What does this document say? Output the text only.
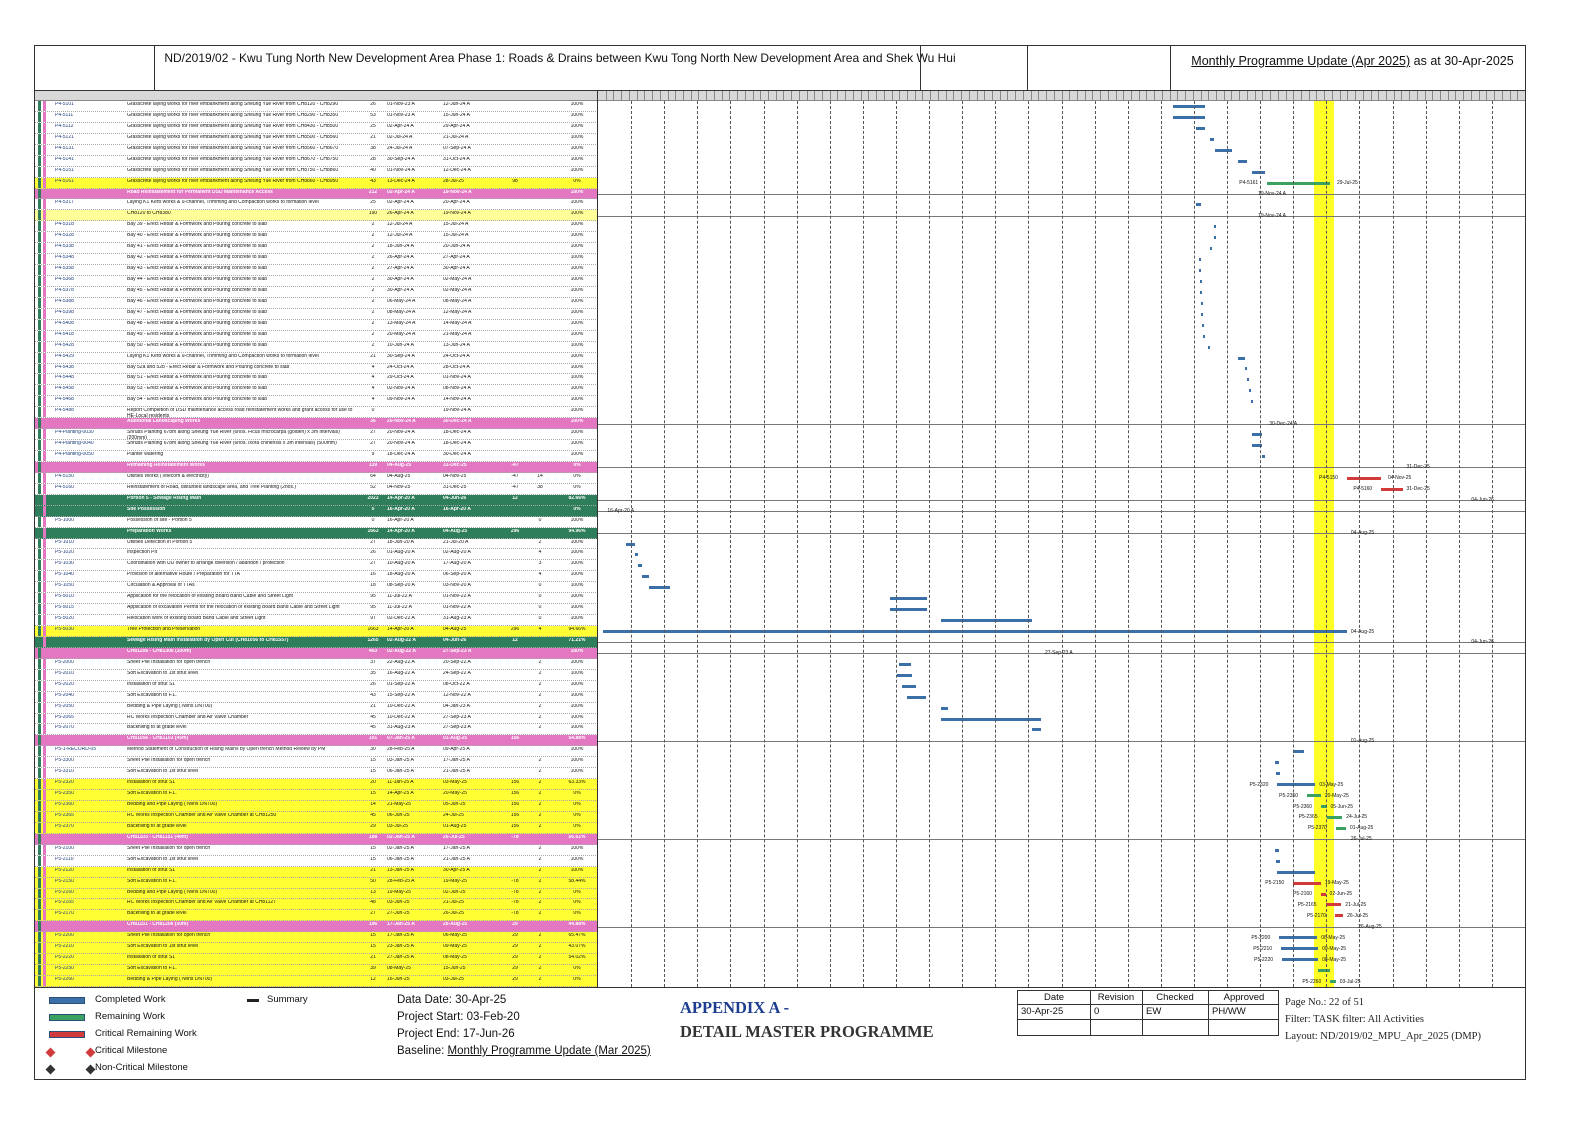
ND/2019/02 - Kwu Tung North New Development Area Phase 1: Roads & Drains between Kwu Tong North New Development Area and Shek Wu Hui	Monthly Programme Update (Apr 2025) as at 30-Apr-2025
P4-5101	Grasscrete laying works for river embankment along Sheung Yue River from CH8120 - CH8290	26	01-Nov-23 A	12-Jun-24 A	100%
P4-5111	Grasscrete laying works for river embankment along Sheung Yue River from CH8290 - CH8350	53	01-Nov-23 A	15-Jun-24 A	100%
P4-5112	Grasscrete laying works for river embankment along Sheung Yue River from CH8430 - CH8500	25	02-Apr-24 A	29-Apr-24 A	100%
P4-5121	Grasscrete laying works for river embankment along Sheung Yue River from CH8500 - CH8560	21	02-Jul-24 A	21-Jul-24 A	100%
P4-5131	Grasscrete laying works for river embankment along Sheung Yue River from CH8560 - CH8670	38	24-Jul-24 A	07-Sep-24 A	100%
P4-5141	Grasscrete laying works for river embankment along Sheung Yue River from CH8670 - CH8750	28	30-Sep-24 A	31-Oct-24 A	100%
P4-5151	Grasscrete laying works for river embankment along Sheung Yue River from CH8750 - CH8860	40	01-Nov-24 A	12-Dec-24 A	100%
P4-5161	Grasscrete laying works for river embankment along Sheung Yue River from CH8860 - CH8950	43	13-Dec-24 A	28-Jul-25	98	0%
Road Reinstatement for Permanent DSD Maintenance Access	212	02-Apr-24 A	19-Nov-24 A	100%
P4-5317	Laying K1 Kerb works & u-channel, Trimming and Compaction works to formation level	25	02-Apr-24 A	20-Apr-24 A	100%
CH8120 to CH8380	190	26-Apr-24 A	19-Nov-24 A	100%
P4-5318	Bay 39 - Erect Rebar & Formwork and Pouring concrete to slab	2	12-Jul-24 A	15-Jul-24 A	100%
P4-5328	Bay 40 - Erect Rebar & Formwork and Pouring concrete to slab	2	12-Jul-24 A	15-Jul-24 A	100%
P4-5338	Bay 41 - Erect Rebar & Formwork and Pouring concrete to slab	2	18-Jun-24 A	20-Jun-24 A	100%
P4-5348	Bay 42 - Erect Rebar & Formwork and Pouring concrete to slab	2	26-Apr-24 A	27-Apr-24 A	100%
P4-5358	Bay 43 - Erect Rebar & Formwork and Pouring concrete to slab	2	27-Apr-24 A	30-Apr-24 A	100%
P4-5368	Bay 44 - Erect Rebar & Formwork and Pouring concrete to slab	2	30-Apr-24 A	02-May-24 A	100%
P4-5378	Bay 45 - Erect Rebar & Formwork and Pouring concrete to slab	2	30-Apr-24 A	02-May-24 A	100%
P4-5388	Bay 46 - Erect Rebar & Formwork and Pouring concrete to slab	2	06-May-24 A	08-May-24 A	100%
P4-5398	Bay 47 - Erect Rebar & Formwork and Pouring concrete to slab	2	08-May-24 A	12-May-24 A	100%
P4-5408	Bay 48 - Erect Rebar & Formwork and Pouring concrete to slab	2	13-May-24 A	14-May-24 A	100%
P4-5418	Bay 49 - Erect Rebar & Formwork and Pouring concrete to slab	2	20-May-24 A	21-May-24 A	100%
P4-5428	Bay 50 - Erect Rebar & Formwork and Pouring concrete to slab	2	10-Jun-24 A	13-Jun-24 A	100%
P4-5429	Laying K1 Kerb works & u-channel, Trimming and Compaction works to formation level	21	30-Sep-24 A	24-Oct-24 A	100%
P4-5438	Bay 52a and 52b - Erect Rebar & Formwork and Pouring concrete to slab	4	24-Oct-24 A	28-Oct-24 A	100%
P4-5448	Bay 51 - Erect Rebar & Formwork and Pouring concrete to slab	4	29-Oct-24 A	01-Nov-24 A	100%
P4-5458	Bay 53 - Erect Rebar & Formwork and Pouring concrete to slab	4	02-Nov-24 A	08-Nov-24 A	100%
P4-5468	Bay 54 - Erect Rebar & Formwork and Pouring concrete to slab	4	09-Nov-24 A	14-Nov-24 A	100%
P4-5488	Report Completion of DSD maintenance access road reinstatement works and grant access for use to HE-Local residents
0	19-Nov-24 A	100%
Additional Landscaping Works	36	20-Nov-24 A	30-Dec-24 A	100%
P4-Planting-0030	Shrubs Planting 678m along Sheung Yue River (6nos. Ficus microcarpa (golden) x 3m intervals) (200mm)
27	20-Nov-24 A	18-Dec-24 A	100%
P4-Planting-0040	Shrubs Planting 678m along Sheung Yue River (6nos. Ixora chinensis x 3m intervals) (500mm)	27	20-Nov-24 A	18-Dec-24 A	100%
P4-Planting-0050	Planter watering	9	18-Dec-24 A	30-Dec-24 A	100%
Remaining Reinstatement Works	139	04-Aug-25	31-Dec-25	-47	0%
P4-5150	Utilities Works (Telecom & electricity)	64	04-Aug-25	04-Nov-25	-47	14	0%
P4-5160	Reinstatement of Road, disturbed landscape area, and Tree Planting (2nos.)	52	04-Nov-25	31-Dec-25	-47	38	0%
Portion 5 - Sewage Rising Main	2023	14-Apr-20 A	04-Jun-26	12	82.66%
Site Possession	0	16-Apr-20 A	16-Apr-20 A	0%
P5-1000	Possession of site - Portion 5	0	16-Apr-20 A	0	100%
Preparation Works	1663	14-Apr-20 A	04-Aug-25	296	94.96%
P5-1010	Utilities Detection in Portion 5	27	18-Jun-20 A	21-Jul-20 A	2	100%
P5-1020	Inspection Pit	26	01-Aug-20 A	02-Aug-20 A	4	100%
P5-1030	Coordination with UU owner to arrange diversion / abandon / protection	27	10-Aug-20 A	17-Aug-20 A	3	100%
P5-1040	Provision of alternative Route / Preparation for TTA	16	18-Aug-20 A	06-Sep-20 A	4	100%
P5-1050	Circulation & Approval of TTAs	18	08-Sep-20 A	03-Nov-20 A	0	100%
P5-5010	Application for the relocation of existing Board Band Cable and Street Light	95	11-Jul-22 A	01-Nov-22 A	0	100%
P5-5015	Application of excavation Permit for the relocation of existing Board Band Cable and Street Light	95	11-Jul-22 A	01-Nov-22 A	0	100%
P5-5020	Relocation work of existing Board Band Cable and Street Light	97	02-Dec-22 A	31-Aug-23 A	0	100%
P5-5030	Tree Protection and Preservation	1663	14-Apr-20 A	04-Aug-25	296	4	94.66%
Sewage Rising Main Installation by Open Cut (CH81056 to CH81557)	1265	02-Aug-22 A	04-Jun-26	12	71.21%
CH81206 - CH81306 (100m)	403	02-Aug-22 A	27-Sep-23 A	100%
P5-2000	Sheet Pile Installation for open trench	37	22-Aug-22 A	20-Sep-22 A	2	100%
P5-2010	Soft Excavation to 1st strut level	35	16-Aug-22 A	24-Sep-22 A	2	100%
P5-2020	Installation of strut S1	26	01-Sep-22 A	08-Oct-22 A	2	100%
P5-2040	Soft Excavation to F.L.	43	15-Sep-22 A	12-Nov-22 A	2	100%
P5-2050	Bedding & Pipe Laying (Twins DN700)	21	10-Dec-22 A	04-Jan-23 A	2	100%
P5-2065	RC Works Inspection Chamber and Air Valve Chamber	45	10-Dec-22 A	27-Sep-23 A	2	100%
P5-2070	Backfilling to at grade level	45	31-Aug-23 A	27-Sep-23 A	2	100%
CH81056 - CH81103 (45m)	191	07-Jan-25 A	01-Aug-25	156	54.88%
P5-1-RECORD-05	Method Statement of Construction of Rising Mains by Open trench Method Review by PM	30	28-Feb-25 A	09-Apr-25 A	100%
P5-3300	Sheet Pile Installation for open trench	15	03-Jan-25 A	17-Jan-25 A	2	100%
P5-3310	Soft Excavation to 1st strut level	15	06-Jan-25 A	21-Jan-25 A	2	100%
P5-2320	Installation of strut S1	20	11-Jan-25 A	03-May-25	156	2	63.33%
P5-2350	Soft Excavation to F.L.	15	14-Apr-25 A	20-May-25	156	2	0%
P5-2360	Bedding and Pipe Laying (Twins DN700)	14	21-May-25	05-Jun-25	156	2	0%
P5-2365	RC Works Inspection Chamber and Air Valve Chamber at CH81250	45	06-Jun-25	24-Jul-25	156	2	0%
P5-2370	Backfilling to at grade level	29	03-Jul-25	01-Aug-25	156	2	0%
CH81103 - CH81151 (48m)	188	02-Jan-25 A	26-Jul-25	-78	56.61%
P5-2100	Sheet Pile Installation for open trench	15	02-Jan-25 A	17-Jan-25 A	2	100%
P5-2110	Soft Excavation to 1st strut level	15	06-Jan-25 A	21-Jan-25 A	2	100%
P5-2120	Installation of strut S1	21	13-Jan-25 A	30-Apr-25 A	2	100%
P5-2150	Soft Excavation to F.L.	50	28-Feb-25 A	19-May-25	-78	2	58.44%
P5-2160	Bedding and Pipe Laying (Twins DN700)	13	19-May-25	02-Jun-25	-78	2	0%
P5-2165	RC Works Inspection Chamber and Air Valve Chamber at CH81127	48	03-Jun-25	21-Jul-25	-78	2	0%
P5-2170	Backfilling to at grade level	27	27-Jun-25	26-Jul-25	-78	2	0%
CH81151 - CH81206 (50m)	196	17-Jan-25 A	26-Aug-25	29	44.88%
P5-2200	Sheet Pile Installation for open trench	15	17-Jan-25 A	06-May-25	29	2	65.47%
P5-2210	Soft Excavation to 1st strut level	15	23-Jan-25 A	09-May-25	29	2	43.07%
P5-2220	Installation of strut S1	21	27-Jan-25 A	08-May-25	29	2	54.02%
P5-2250	Soft Excavation to F.L.	39	08-May-25	15-Jun-25	29	2	0%
P5-2260	Bedding & Pipe Laying (Twins DN700)	12	16-Jun-25	03-Jul-25	29	2	0%
P4-5161
P4-5150
P4-5160
P5-2320
P5-2350
P5-2360
P5-2365
P5-2370
P5-2150
P5-2160
P5-2165
P5-2170
P5-2200
P5-2210
P5-2220
P5-2260
29-Jul-25
19-Nov-24 A
19-Nov-24 A
30-Dec-24 A
31-Dec-25
04-Nov-25
31-Dec-25
04-Jun-26
16-Apr-20 A
04-Aug-25
04-Aug-25
04-Jun-26
27-Sep-23 A
01-Aug-25
03-May-25
20-May-25
05-Jun-25
24-Jul-25
01-Aug-25
26-Jul-25
19-May-25
02-Jun-25
21-Jul-25
26-Jul-25
26-Aug-25
06-May-25
09-May-25
08-May-25
03-Jul-25
Completed Work
Remaining Work
Critical Remaining Work
Critical Milestone
Non-Critical Milestone
Summary	Data Date: 30-Apr-25
Project Start: 03-Feb-20
Project End: 17-Jun-26
Baseline: Monthly Programme Update (Mar 2025)
APPENDIX A -
DETAIL MASTER PROGRAMME
Date	Revision	Checked	Approved
30-Apr-25	0	EW	PH/WW
Page No.: 22 of 51
Filter: TASK filter: All Activities
Layout: ND/2019/02_MPU_Apr_2025 (DMP)
